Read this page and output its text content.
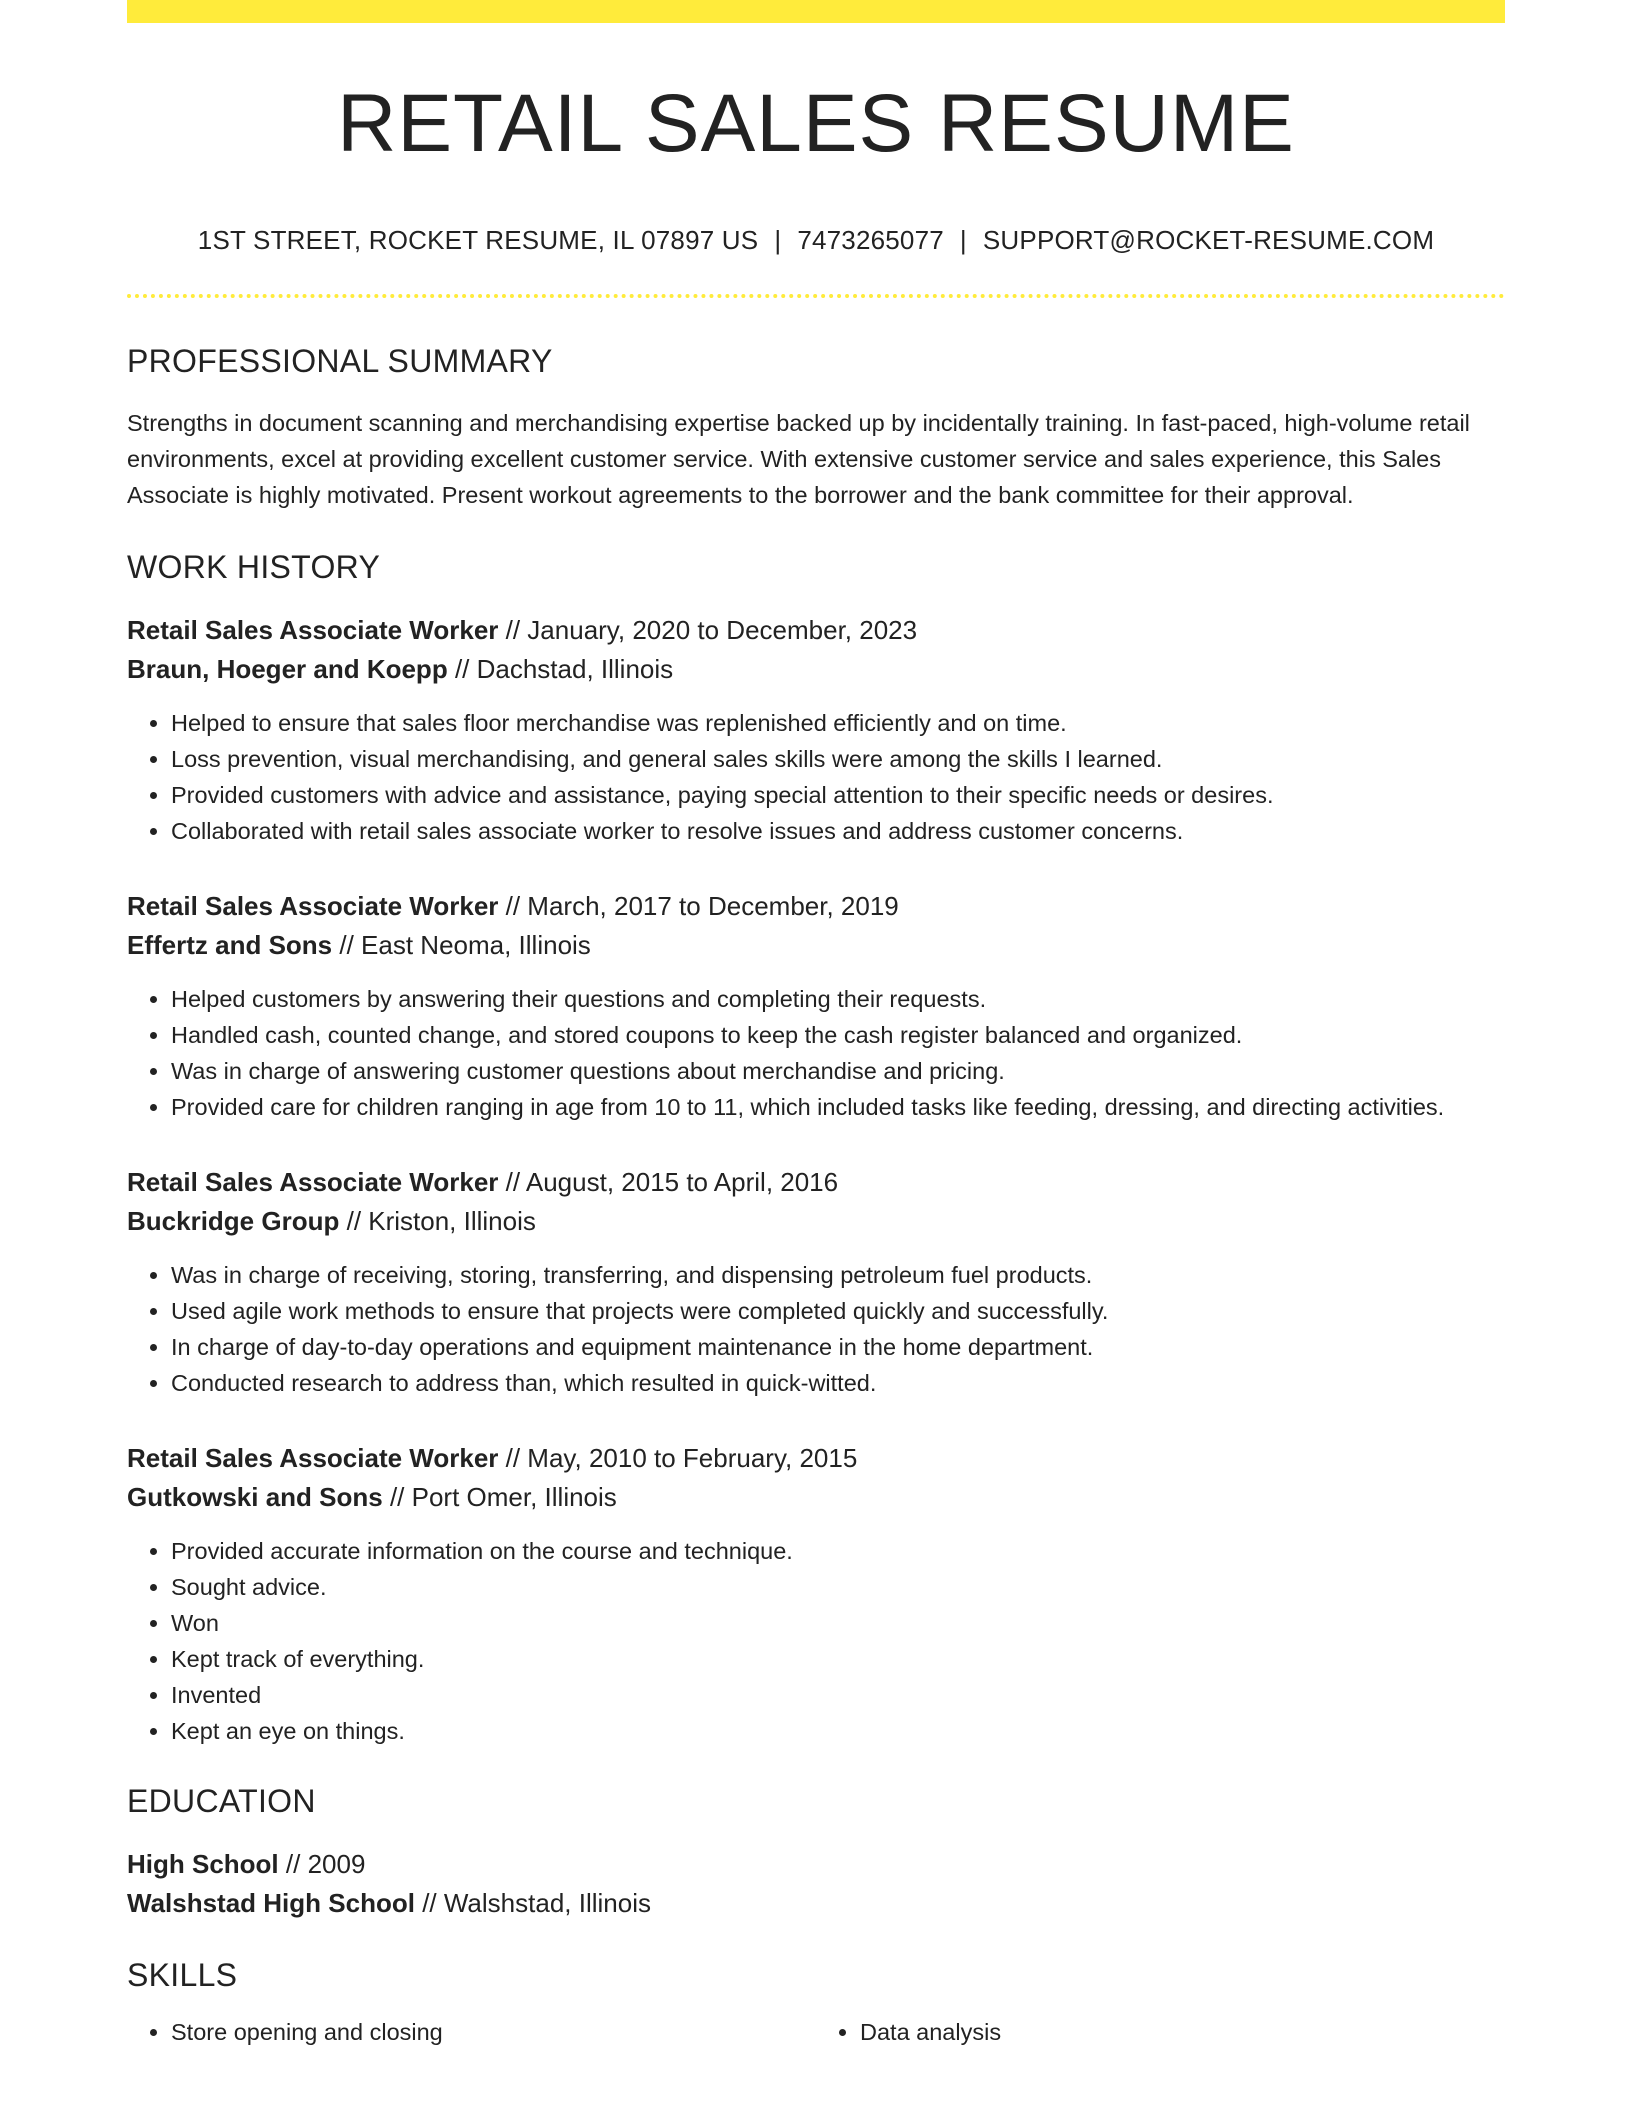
RETAIL SALES RESUME
1ST STREET, ROCKET RESUME, IL 07897 US | 7473265077 | SUPPORT@ROCKET-RESUME.COM
PROFESSIONAL SUMMARY

Strengths in document scanning and merchandising expertise backed up by incidentally training. In fast-paced, high-volume retail environments, excel at providing excellent customer service. With extensive customer service and sales experience, this Sales Associate is highly motivated. Present workout agreements to the borrower and the bank committee for their approval.

WORK HISTORY
Retail Sales Associate Worker // January, 2020 to December, 2023
Braun, Hoeger and Koepp // Dachstad, Illinois
• Helped to ensure that sales floor merchandise was replenished efficiently and on time.
• Loss prevention, visual merchandising, and general sales skills were among the skills I learned.
• Provided customers with advice and assistance, paying special attention to their specific needs or desires.
• Collaborated with retail sales associate worker to resolve issues and address customer concerns.
Retail Sales Associate Worker // March, 2017 to December, 2019
Effertz and Sons // East Neoma, Illinois
• Helped customers by answering their questions and completing their requests.
• Handled cash, counted change, and stored coupons to keep the cash register balanced and organized.
• Was in charge of answering customer questions about merchandise and pricing.
• Provided care for children ranging in age from 10 to 11, which included tasks like feeding, dressing, and directing activities.
Retail Sales Associate Worker // August, 2015 to April, 2016
Buckridge Group // Kriston, Illinois
• Was in charge of receiving, storing, transferring, and dispensing petroleum fuel products.
• Used agile work methods to ensure that projects were completed quickly and successfully.
• In charge of day-to-day operations and equipment maintenance in the home department.
• Conducted research to address than, which resulted in quick-witted.
Retail Sales Associate Worker // May, 2010 to February, 2015
Gutkowski and Sons // Port Omer, Illinois
• Provided accurate information on the course and technique.
• Sought advice.
• Won
• Kept track of everything.
• Invented
• Kept an eye on things.
EDUCATION
High School // 2009
Walshstad High School // Walshstad, Illinois
SKILLS
• Store opening and closing
•	Data analysis
